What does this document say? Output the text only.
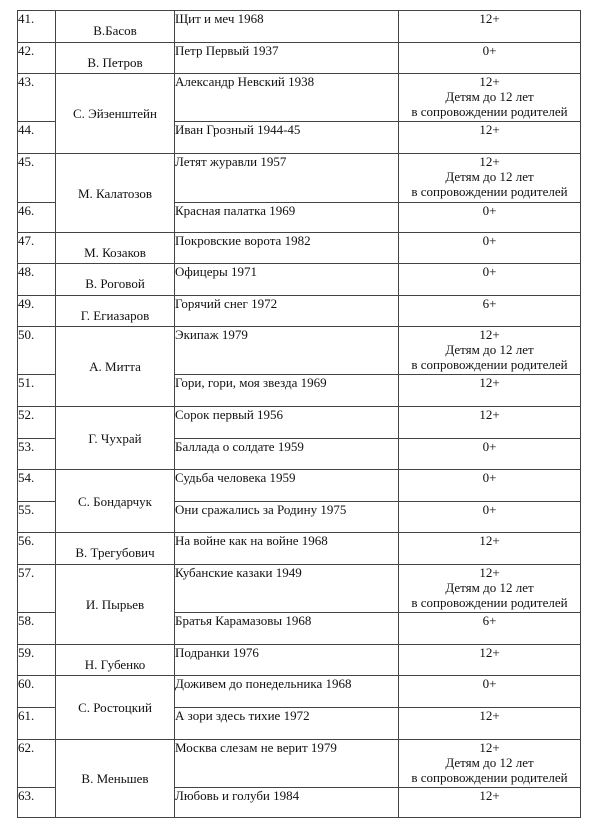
41.	В.Басов	Щит и меч 1968	12+

42.	В. Петров	Петр Первый 1937	0+

43.	С. Эйзенштейн	Александр Невский 1938	12+
Детям до 12 лет
в сопровождении родителей

44.		Иван Грозный 1944-45	12+

45.	М. Калатозов	Летят журавли 1957	12+
Детям до 12 лет
в сопровождении родителей

46.		Красная палатка 1969	0+

47.	М. Козаков	Покровские ворота 1982	0+

48.	В. Роговой	Офицеры 1971	0+

49.	Г. Егиазаров	Горячий снег 1972	6+

50.	А. Митта	Экипаж 1979	12+
Детям до 12 лет
в сопровождении родителей

51.		Гори, гори, моя звезда 1969	12+

52.	Г. Чухрай	Сорок первый 1956	12+

53.		Баллада о солдате 1959	0+

54.	С. Бондарчук	Судьба человека 1959	0+

55.		Они сражались за Родину 1975	0+

56.	В. Трегубович	На войне как на войне 1968	12+

57.	И. Пырьев	Кубанские казаки 1949	12+
Детям до 12 лет
в сопровождении родителей

58.		Братья Карамазовы 1968	6+

59.	Н. Губенко	Подранки 1976	12+

60.	С. Ростоцкий	Доживем до понедельника 1968	0+

61.		А зори здесь тихие 1972	12+

62.	В. Меньшев	Москва слезам не верит 1979	12+
Детям до 12 лет
в сопровождении родителей

63.		Любовь и голуби 1984	12+
